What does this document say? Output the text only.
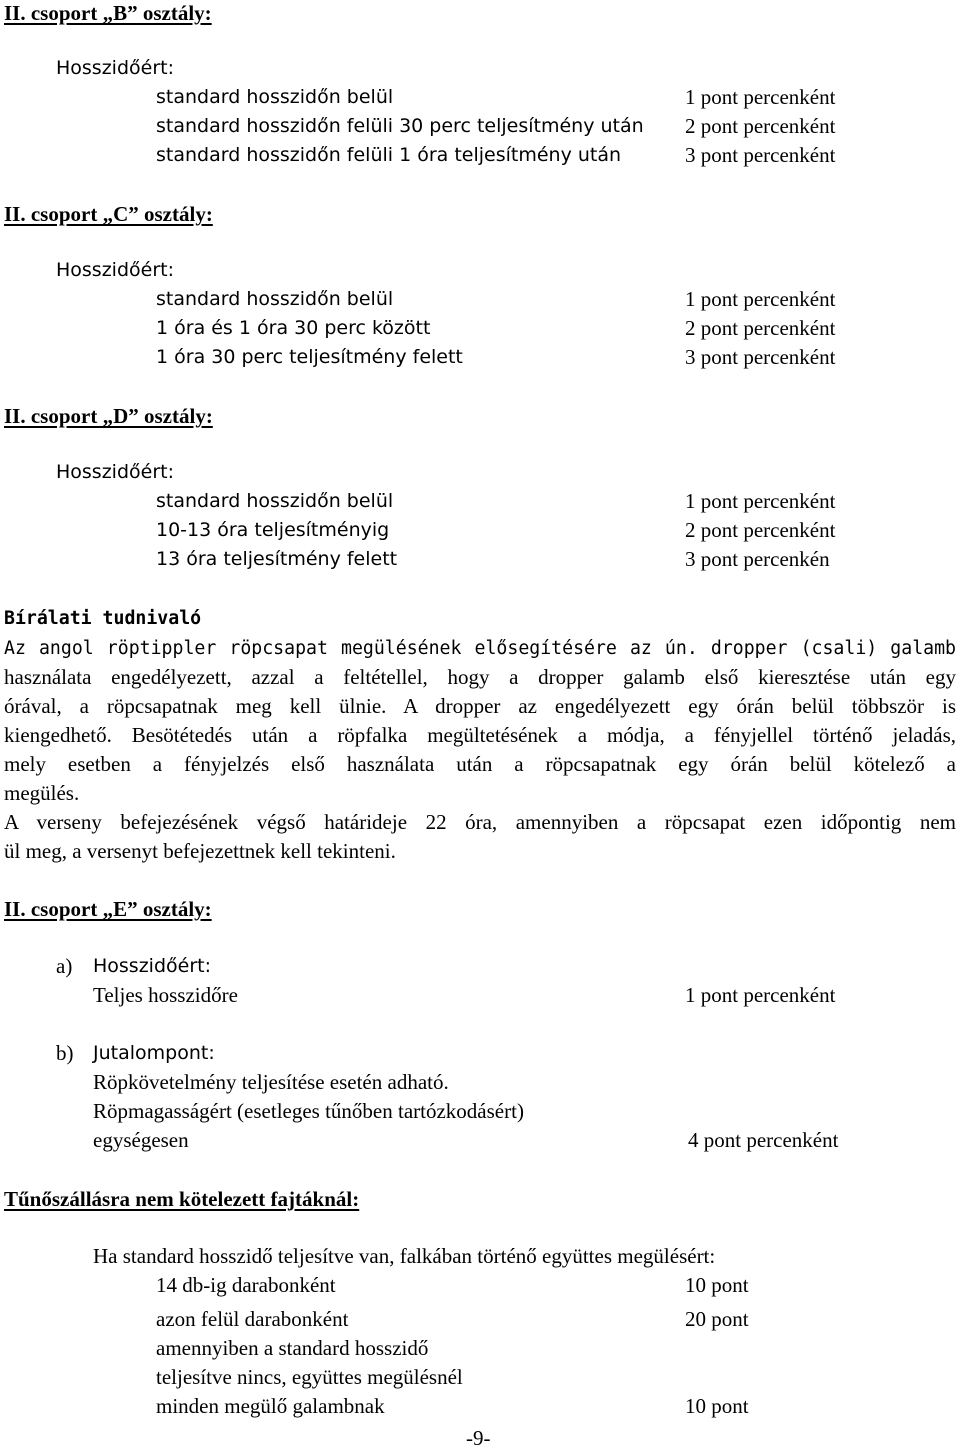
II. csoport „B” osztály:
Hosszidőért:
standard hosszidőn belül	1 pont percenként
standard hosszidőn felüli 30 perc teljesítmény után 2 pont percenként
standard hosszidőn felüli 1 óra teljesítmény után	3 pont percenként
II. csoport „C” osztály:
Hosszidőért:
standard hosszidőn belül	1 pont percenként
1 óra és 1 óra 30 perc között	2 pont percenként
1 óra 30 perc teljesítmény felett	3 pont percenként
II. csoport „D” osztály:
Hosszidőért:
standard hosszidőn belül	1 pont percenként
10-13 óra teljesítményig	2 pont percenként
13 óra teljesítmény felett	3 pont percenkén
Bírálati tudnivaló
Az angol röptippler röpcsapat megülésének elősegítésére az ún. dropper (csali) galamb
használata engedélyezett, azzal a feltétellel, hogy a dropper galamb első kieresztése után egy
órával, a röpcsapatnak meg kell ülnie. A dropper az engedélyezett egy órán belül többször is
kiengedhető. Besötétedés után a röpfalka megültetésének a módja, a fényjellel történő jeladás,
mely esetben a fényjelzés első használata után a röpcsapatnak egy órán belül kötelező a
megülés.
A verseny befejezésének végső határideje 22 óra, amennyiben a röpcsapat ezen időpontig nem
ül meg, a versenyt befejezettnek kell tekinteni.
II. csoport „E” osztály:
a) Hosszidőért:
Teljes hosszidőre	1 pont percenként
b) Jutalompont:
Röpkövetelmény teljesítése esetén adható.
Röpmagasságért (esetleges tűnőben tartózkodásért)
egységesen	4 pont percenként
Tűnőszállásra nem kötelezett fajtáknál:
Ha standard hosszidő teljesítve van, falkában történő együttes megülésért:
14 db-ig darabonként	10 pont
azon felül darabonként	20 pont
amennyiben a standard hosszidő
teljesítve nincs, együttes megülésnél
minden megülő galambnak	10 pont
-9-
